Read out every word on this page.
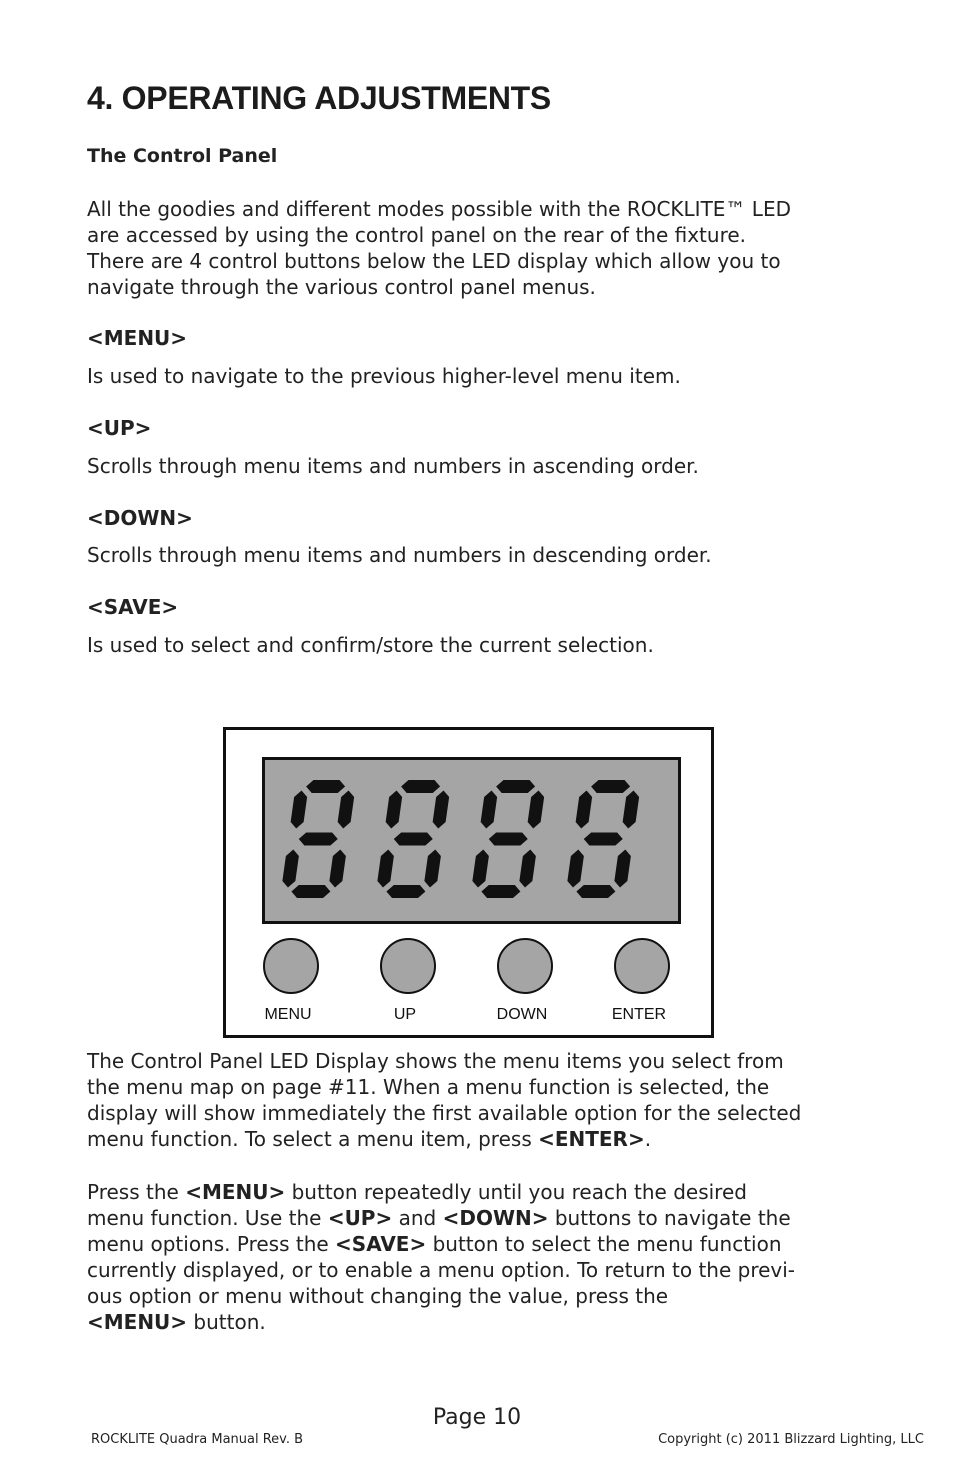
4. OPERATING ADJUSTMENTS

The Control Panel

All the goodies and different modes possible with the ROCKLITE™ LED
are accessed by using the control panel on the rear of the fixture.
There are 4 control buttons below the LED display which allow you to
navigate through the various control panel menus.

<MENU>

Is used to navigate to the previous higher-level menu item.

<UP>

Scrolls through menu items and numbers in ascending order.

<DOWN>

Scrolls through menu items and numbers in descending order.

<SAVE>

Is used to select and confirm/store the current selection.

The Control Panel LED Display shows the menu items you select from
the menu map on page #11. When a menu function is selected, the
display will show immediately the first available option for the selected
menu function. To select a menu item, press <ENTER>.
Press the <MENU> button repeatedly until you reach the desired
menu function. Use the <UP> and <DOWN> buttons to navigate the
menu options. Press the <SAVE> button to select the menu function
currently displayed, or to enable a menu option. To return to the previ-
ous option or menu without changing the value, press the
<MENU> button.
MENU	UP	DOWN	ENTER
Page 10
ROCKLITE Quadra Manual Rev. B	Copyright (c) 2011 Blizzard Lighting, LLC
